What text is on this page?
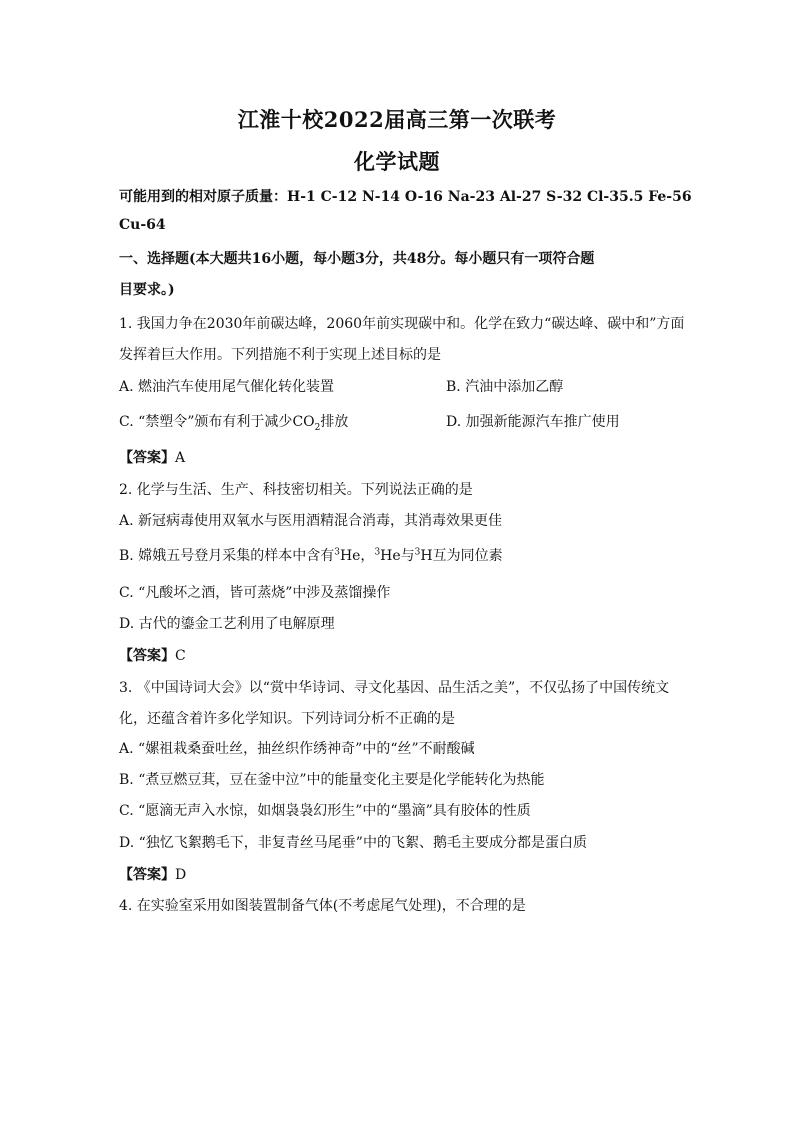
江淮十校2022届高三第一次联考
化学试题
可能用到的相对原子质量：H-1 C-12 N-14 O-16 Na-23 Al-27 S-32 Cl-35.5 Fe-56
Cu-64
一、选择题(本大题共16小题，每小题3分，共48分。每小题只有一项符合题
目要求。)
1. 我国力争在2030年前碳达峰，2060年前实现碳中和。化学在致力“碳达峰、碳中和”方面
发挥着巨大作用。下列措施不利于实现上述目标的是
A. 燃油汽车使用尾气催化转化装置	B. 汽油中添加乙醇
C. “禁塑令”颁布有利于减少$CO_2$排放	D. 加强新能源汽车推广使用
【答案】A
2. 化学与生活、生产、科技密切相关。下列说法正确的是
A. 新冠病毒使用双氧水与医用酒精混合消毒，其消毒效果更佳
B. 嫦娥五号登月采集的样本中含有$^3$He，$^3$He与$^3$H互为同位素
C. “凡酸坏之酒，皆可蒸烧”中涉及蒸馏操作
D. 古代的鎏金工艺利用了电解原理
【答案】C
3. 《中国诗词大会》以“赏中华诗词、寻文化基因、品生活之美”，不仅弘扬了中国传统文
化，还蕴含着许多化学知识。下列诗词分析不正确的是
A. “嫘祖栽桑蚕吐丝，抽丝织作绣神奇”中的“丝”不耐酸碱
B. “煮豆燃豆萁，豆在釜中泣”中的能量变化主要是化学能转化为热能
C. “愿滴无声入水惊，如烟袅袅幻形生”中的“墨滴”具有胶体的性质
D. “独忆飞絮鹅毛下，非复青丝马尾垂”中的飞絮、鹅毛主要成分都是蛋白质
【答案】D
4. 在实验室采用如图装置制备气体(不考虑尾气处理)，不合理的是
